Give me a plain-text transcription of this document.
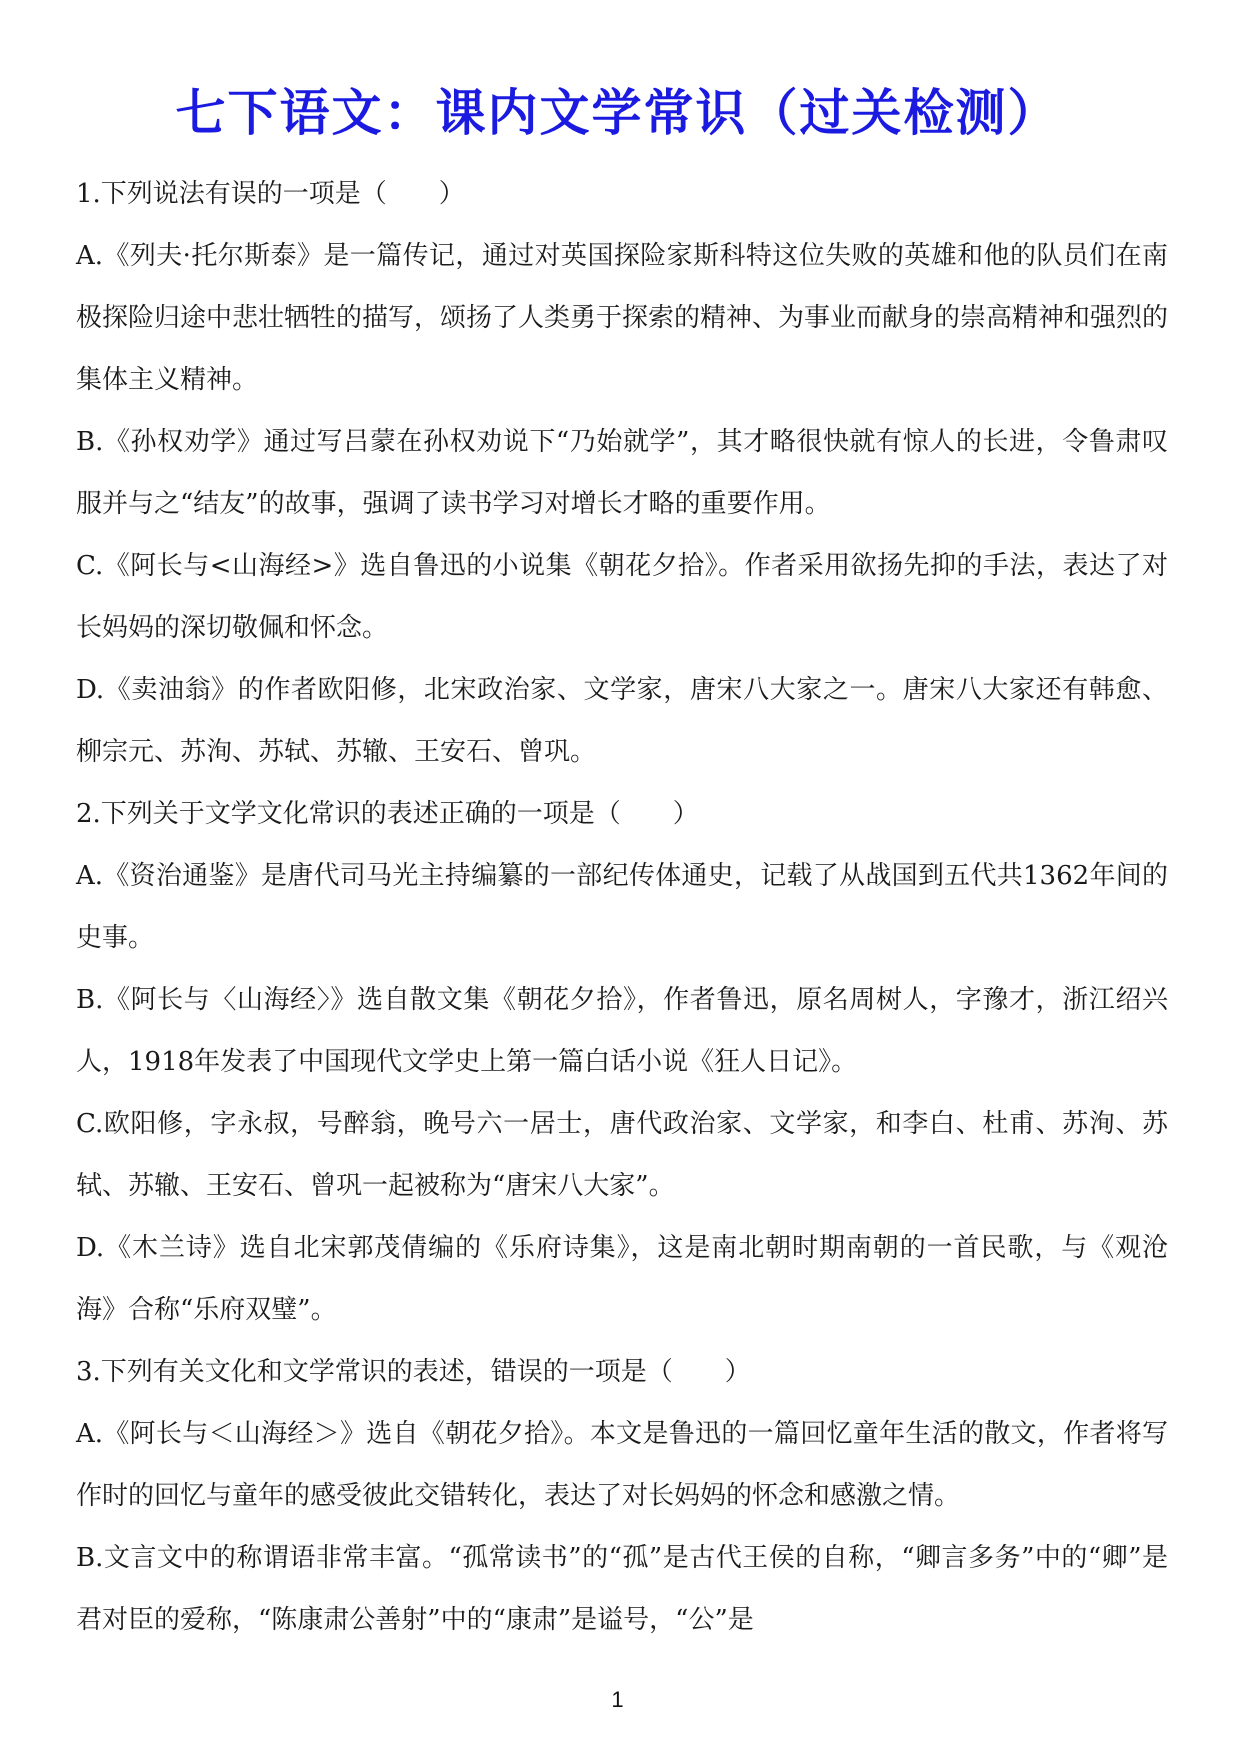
七下语文：课内文学常识（过关检测）

1.下列说法有误的一项是（　　）

A.《列夫·托尔斯泰》是一篇传记，通过对英国探险家斯科特这位失败的英雄和他的队员们在南极探险归途中悲壮牺牲的描写，颂扬了人类勇于探索的精神、为事业而献身的崇高精神和强烈的集体主义精神。

B.《孙权劝学》通过写吕蒙在孙权劝说下“乃始就学”，其才略很快就有惊人的长进，令鲁肃叹服并与之“结友”的故事，强调了读书学习对增长才略的重要作用。

C.《阿长与<山海经>》选自鲁迅的小说集《朝花夕拾》。作者采用欲扬先抑的手法，表达了对长妈妈的深切敬佩和怀念。

D.《卖油翁》的作者欧阳修，北宋政治家、文学家，唐宋八大家之一。唐宋八大家还有韩愈、柳宗元、苏洵、苏轼、苏辙、王安石、曾巩。

2.下列关于文学文化常识的表述正确的一项是（　　）

A.《资治通鉴》是唐代司马光主持编纂的一部纪传体通史，记载了从战国到五代共1362年间的史事。

B.《阿长与〈山海经〉》选自散文集《朝花夕拾》，作者鲁迅，原名周树人，字豫才，浙江绍兴人，1918年发表了中国现代文学史上第一篇白话小说《狂人日记》。

C.欧阳修，字永叔，号醉翁，晚号六一居士，唐代政治家、文学家，和李白、杜甫、苏洵、苏轼、苏辙、王安石、曾巩一起被称为“唐宋八大家”。

D.《木兰诗》选自北宋郭茂倩编的《乐府诗集》，这是南北朝时期南朝的一首民歌，与《观沧海》合称“乐府双璧”。

3.下列有关文化和文学常识的表述，错误的一项是（　　）

A.《阿长与＜山海经＞》选自《朝花夕拾》。本文是鲁迅的一篇回忆童年生活的散文，作者将写作时的回忆与童年的感受彼此交错转化，表达了对长妈妈的怀念和感激之情。

B.文言文中的称谓语非常丰富。“孤常读书”的“孤”是古代王侯的自称，“卿言多务”中的“卿”是君对臣的爱称，“陈康肃公善射”中的“康肃”是谥号，“公”是

1
